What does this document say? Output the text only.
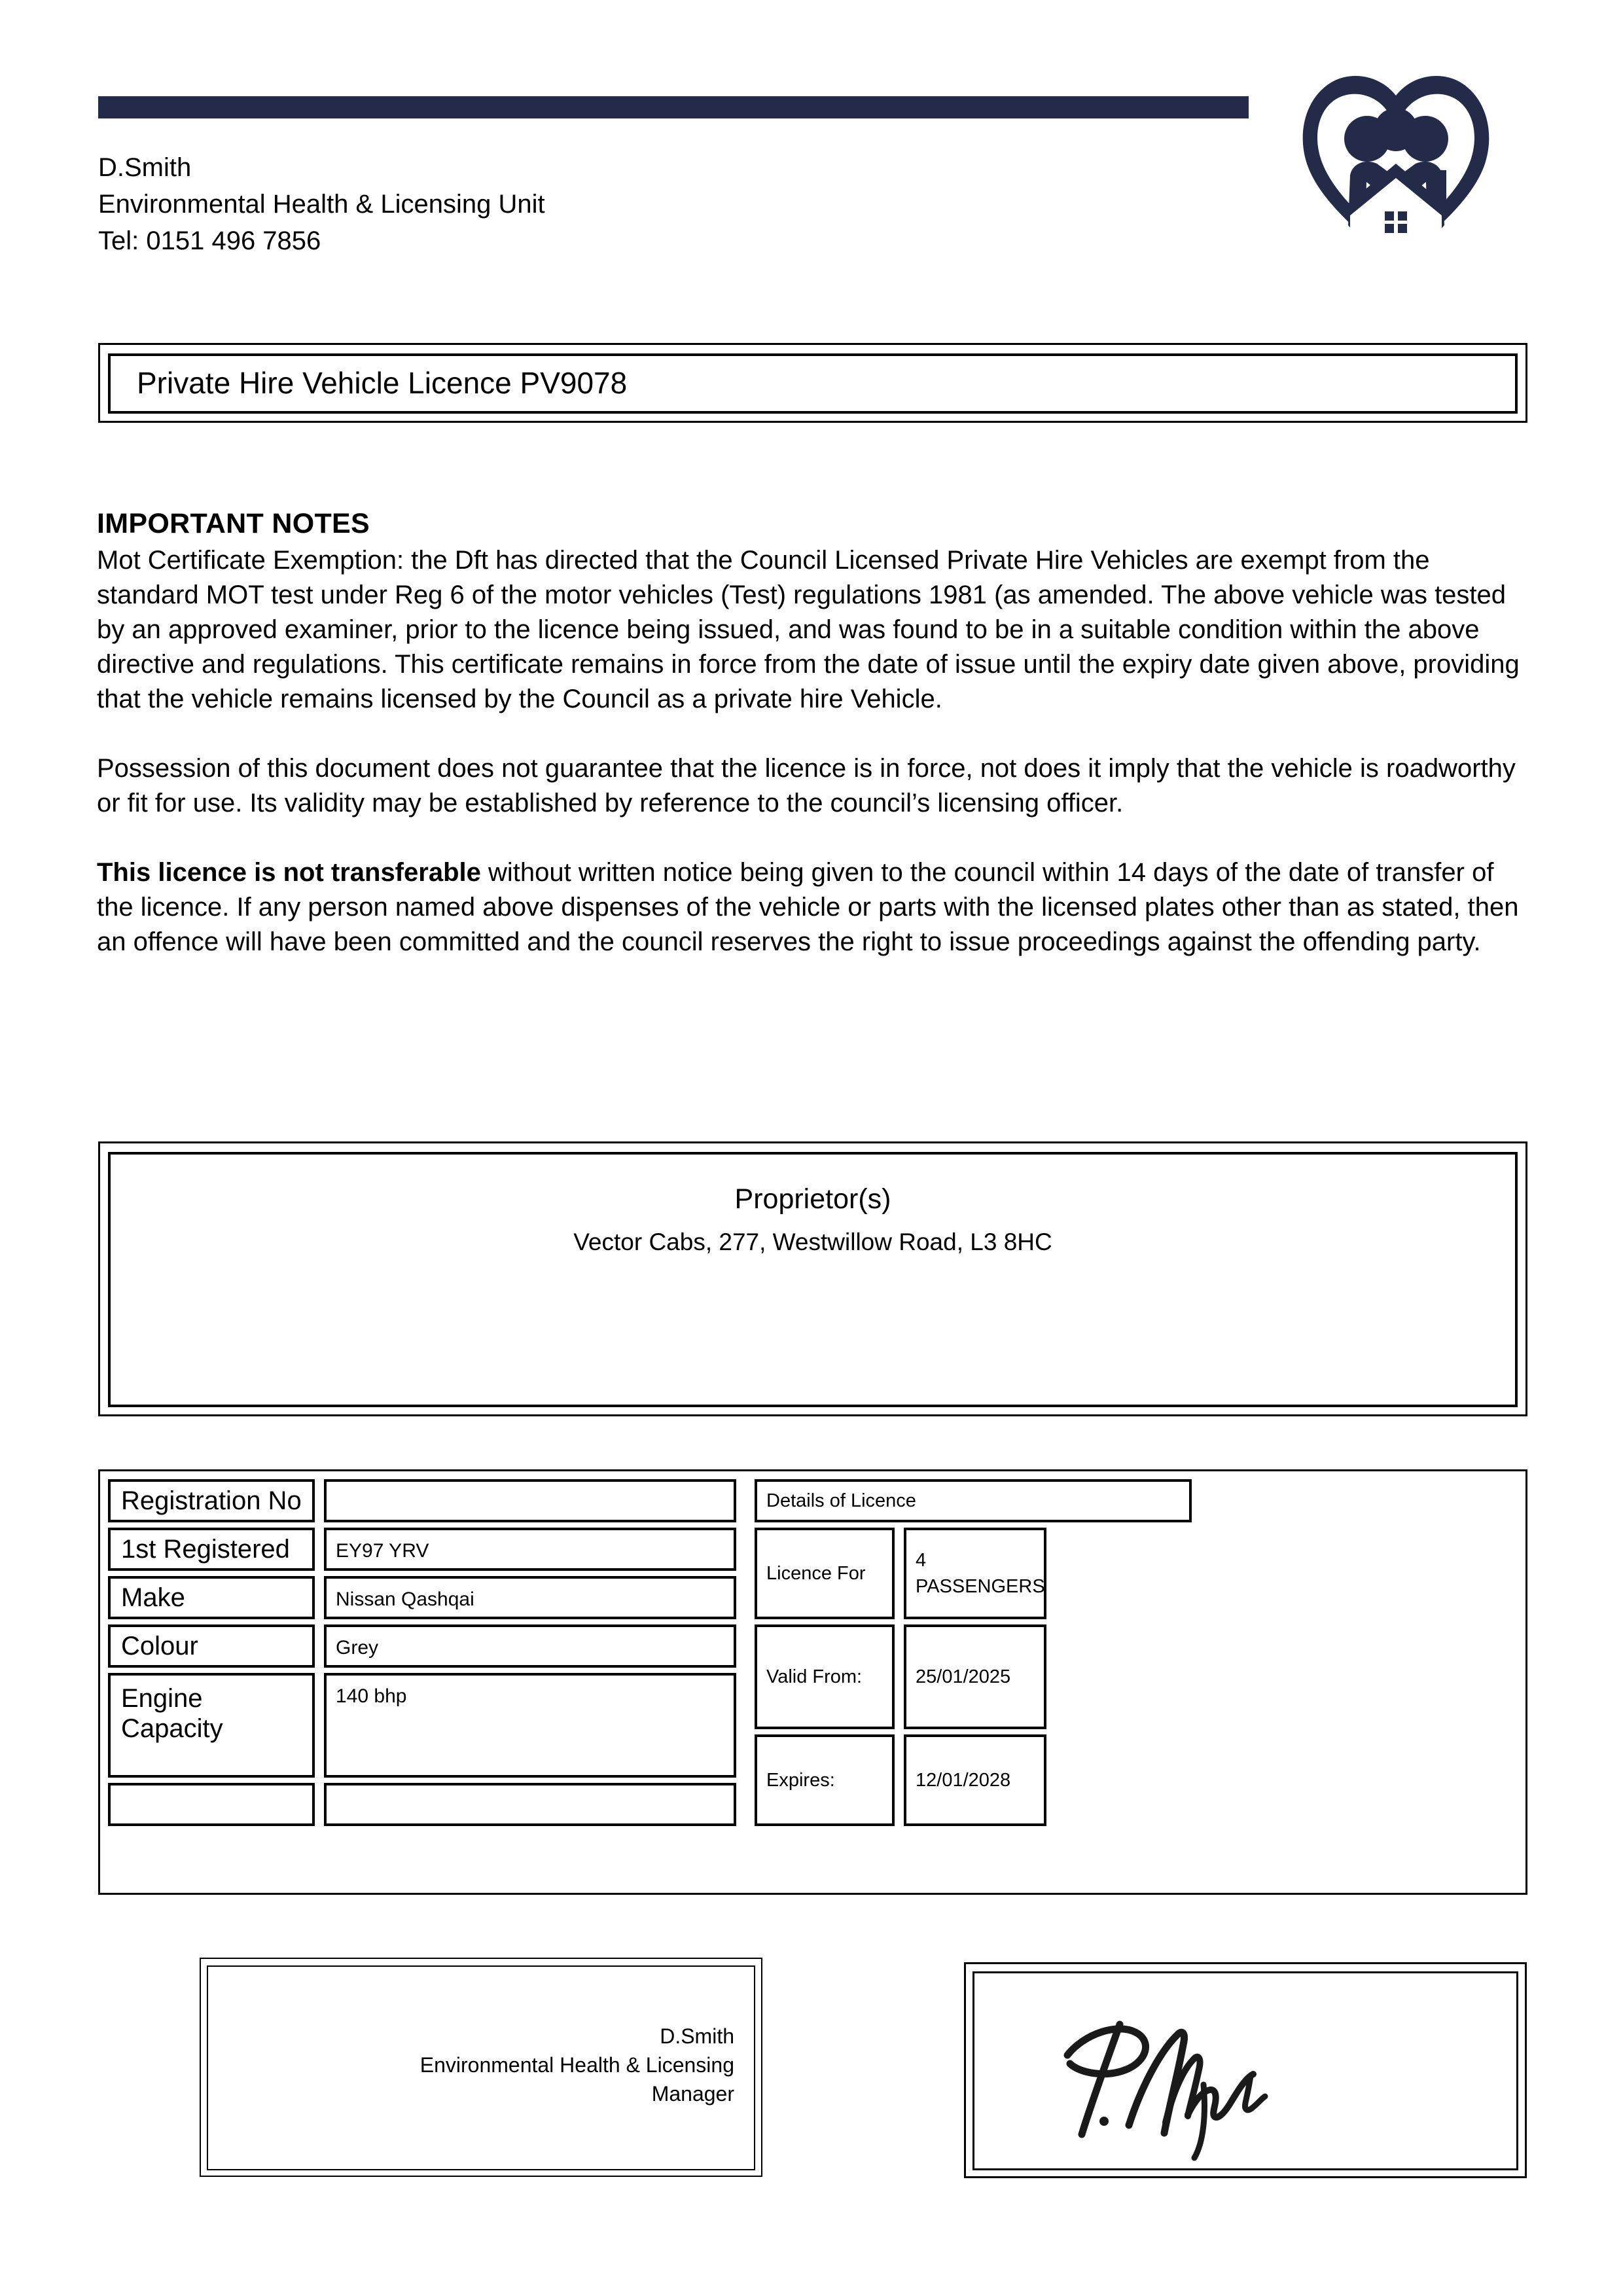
D.Smith
Environmental Health & Licensing Unit
Tel: 0151 496 7856
Private Hire Vehicle Licence PV9078
IMPORTANT NOTES

Mot Certificate Exemption: the Dft has directed that the Council Licensed Private Hire Vehicles are exempt from the standard MOT test under Reg 6 of the motor vehicles (Test) regulations 1981 (as amended. The above vehicle was tested by an approved examiner, prior to the licence being issued, and was found to be in a suitable condition within the above directive and regulations. This certificate remains in force from the date of issue until the expiry date given above, providing that the vehicle remains licensed by the Council as a private hire Vehicle.

Possession of this document does not guarantee that the licence is in force, not does it imply that the vehicle is roadworthy or fit for use. Its validity may be established by reference to the council’s licensing officer.

This licence is not transferable without written notice being given to the council within 14 days of the date of transfer of the licence. If any person named above dispenses of the vehicle or parts with the licensed plates other than as stated, then an offence will have been committed and the council reserves the right to issue proceedings against the offending party.

Proprietor(s)
Vector Cabs, 277, Westwillow Road, L3 8HC
Registration No
1st Registered
Make
Colour
Engine Capacity
EY97 YRV
Nissan Qashqai
Grey
140 bhp
Details of Licence
Licence For
4 PASSENGERS
Valid From:	25/01/2025
Expires:	12/01/2028
D.Smith
Environmental Health & Licensing
Manager
